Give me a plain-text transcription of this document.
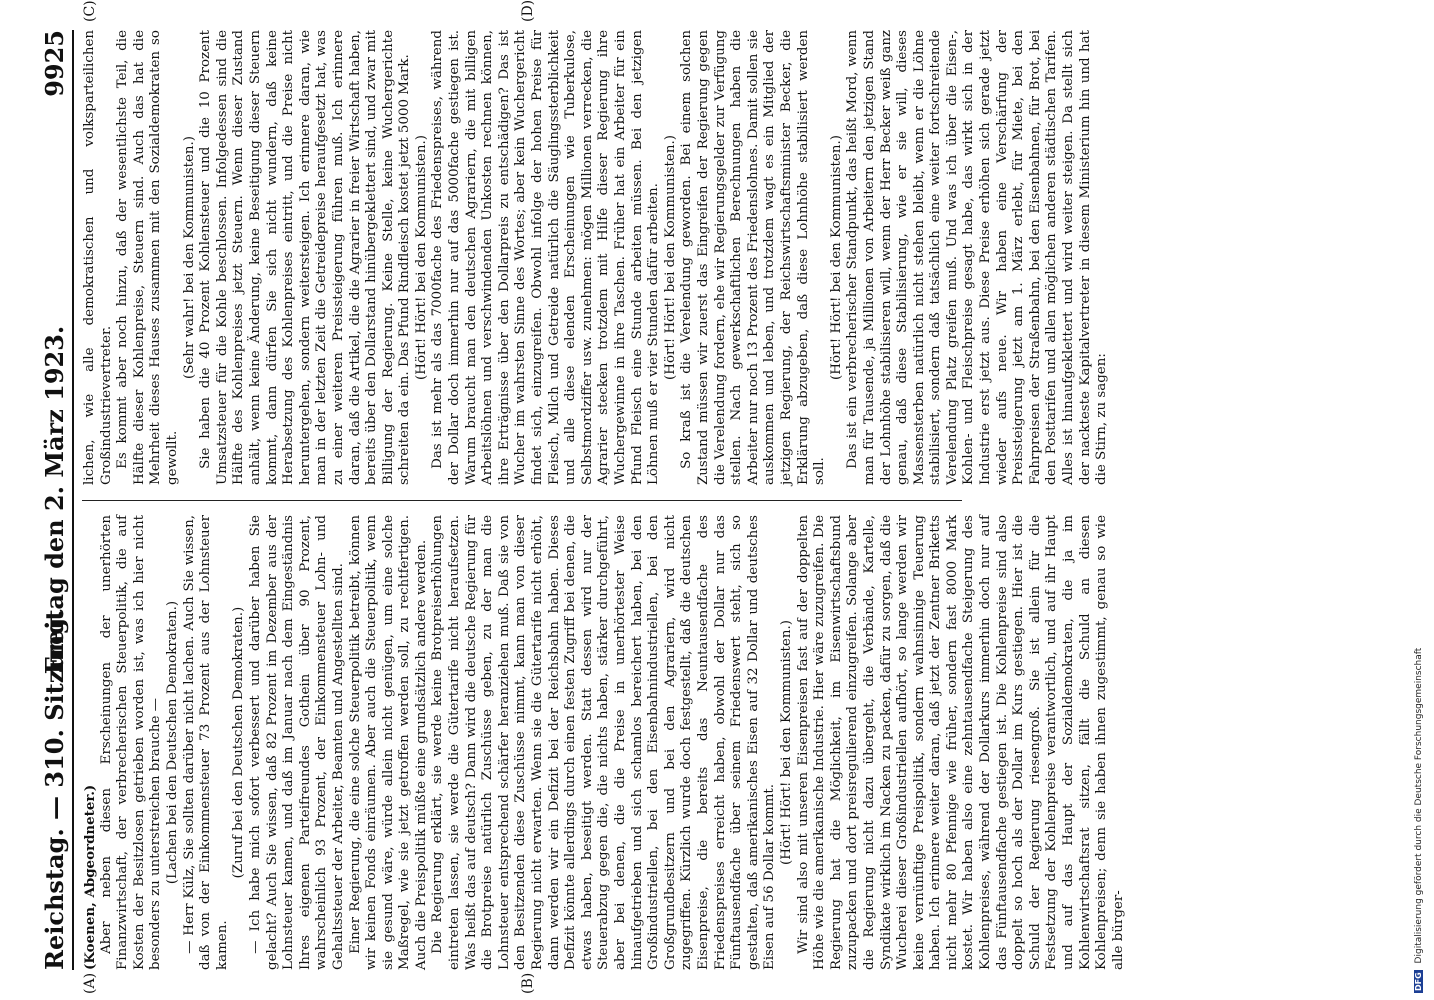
Reichstag. — 310. Sitzung.
Freitag den 2. März 1923.
9925
(A)	(B)
(C)	(D)

(Koenen, Abgeordneter.) Aber neben diesen Erscheinungen der unerhörten Finanzwirtschaft, der verbrecherischen Steuerpolitik, die auf Kosten der Besitzlosen getrieben worden ist, was ich hier nicht besonders zu unterstreichen brauche — (Lachen bei den Deutschen Demokraten.) — Herr Külz, Sie sollten darüber nicht lachen. Auch Sie wissen, daß von der Einkommensteuer 73 Prozent aus der Lohnsteuer kamen.

(Zuruf bei den Deutschen Demokraten.) — Ich habe mich sofort verbessert und darüber haben Sie gelacht? Auch Sie wissen, daß 82 Prozent im Dezember aus der Lohnsteuer kamen, und daß im Januar nach dem Eingeständnis Ihres eigenen Parteifreundes Gothein über 90 Prozent, wahrscheinlich 93 Prozent, der Einkommensteuer Lohn- und Gehaltssteuer der Arbeiter, Beamten und Angestellten sind. Einer Regierung, die eine solche Steuerpolitik betreibt, können wir keinen Fonds einräumen. Aber auch die Steuerpolitik, wenn sie gesund wäre, würde allein nicht genügen, um eine solche Maßregel, wie sie jetzt getroffen werden soll, zu rechtfertigen. Auch die Preispolitik müßte eine grundsätzlich andere werden. Die Regierung erklärt, sie werde keine Brotpreiserhöhungen eintreten lassen, sie werde die Gütertarife nicht heraufsetzen. Was heißt das auf deutsch? Dann wird die deutsche Regierung für die Brotpreise natürlich Zuschüsse geben, zu der man die Lohnsteuer entsprechend schärfer heranziehen muß. Daß sie von den Besitzenden diese Zuschüsse nimmt, kann man von dieser Regierung nicht erwarten. Wenn sie die Gütertarife nicht erhöht, dann werden wir ein Defizit bei der Reichsbahn haben. Dieses Defizit könnte allerdings durch einen festen Zugriff bei denen, die etwas haben, beseitigt werden. Statt dessen wird nur der Steuerabzug gegen die, die nichts haben, stärker durchgeführt, aber bei denen, die die Preise in unerhörtester Weise hinaufgetrieben und sich schamlos bereichert haben, bei den Großindustriellen, bei den Eisenbahnindustriellen, bei den Großgrundbesitzern und bei den Agrariern, wird nicht zugegriffen. Kürzlich wurde doch festgestellt, daß die deutschen Eisenpreise, die bereits das Neuntausendfache des Friedenspreises erreicht haben, obwohl der Dollar nur das Fünftausendfache über seinem Friedenswert steht, sich so gestalten, daß amerikanisches Eisen auf 32 Dollar und deutsches Eisen auf 56 Dollar kommt.

(Hört! Hört! bei den Kommunisten.) Wir sind also mit unseren Eisenpreisen fast auf der doppelten Höhe wie die amerikanische Industrie. Hier wäre zuzugreifen. Die Regierung hat die Möglichkeit, im Eisenwirtschaftsbund zuzupacken und dort preisregulierend einzugreifen. Solange aber die Regierung nicht dazu übergeht, die Verbände, Kartelle, Syndikate wirklich im Nacken zu packen, dafür zu sorgen, daß die Wucherei dieser Großindustriellen aufhört, so lange werden wir keine vernünftige Preispolitik, sondern wahnsinnige Teuerung haben. Ich erinnere weiter daran, daß jetzt der Zentner Briketts nicht mehr 80 Pfennige wie früher, sondern fast 8000 Mark kostet. Wir haben also eine zehntausendfache Steigerung des Kohlenpreises, während der Dollarkurs immerhin doch nur auf das Fünftausendfache gestiegen ist. Die Kohlenpreise sind also doppelt so hoch als der Dollar im Kurs gestiegen. Hier ist die Schuld der Regierung riesengroß. Sie ist allein für die Festsetzung der Kohlenpreise verantwortlich, und auf ihr Haupt und auf das Haupt der Sozialdemokraten, die ja im Kohlenwirtschaftsrat sitzen, fällt die Schuld an diesen Kohlenpreisen; denn sie haben ihnen zugestimmt, genau so wie alle bürger-

lichen, wie alle demokratischen und volksparteilichen Großindustrievertreter. Es kommt aber noch hinzu, daß der wesentlichste Teil, die Hälfte dieser Kohlenpreise, Steuern sind. Auch das hat die Mehrheit dieses Hauses zusammen mit den Sozialdemokraten so gewollt.

(Sehr wahr! bei den Kommunisten.) Sie haben die 40 Prozent Kohlensteuer und die 10 Prozent Umsatzsteuer für die Kohle beschlossen. Infolgedessen sind die Hälfte des Kohlenpreises jetzt Steuern. Wenn dieser Zustand anhält, wenn keine Änderung, keine Beseitigung dieser Steuern kommt, dann dürfen Sie sich nicht wundern, daß keine Herabsetzung des Kohlenpreises eintritt, und die Preise nicht heruntergehen, sondern weitersteigen. Ich erinnere daran, wie man in der letzten Zeit die Getreidepreise heraufgesetzt hat, was zu einer weiteren Preissteigerung führen muß. Ich erinnere daran, daß die Artikel, die die Agrarier in freier Wirtschaft haben, bereits über den Dollarstand hinübergeklettert sind, und zwar mit Billigung der Regierung. Keine Stelle, keine Wuchergerichte schreiten da ein. Das Pfund Rindfleisch kostet jetzt 5000 Mark. (Hört! Hört! bei den Kommunisten.) Das ist mehr als das 7000fache des Friedenspreises, während der Dollar doch immerhin nur auf das 5000fache gestiegen ist. Warum braucht man den deutschen Agrariern, die mit billigen Arbeitslöhnen und verschwindenden Unkosten rechnen können, ihre Erträgnisse über den Dollarpreis zu entschädigen? Das ist Wucher im wahrsten Sinne des Wortes; aber kein Wuchergericht findet sich, einzugreifen. Obwohl infolge der hohen Preise für Fleisch, Milch und Getreide natürlich die Säuglingssterblichkeit und alle diese elenden Erscheinungen wie Tuberkulose, Selbstmordziffer usw. zunehmen: mögen Millionen verrecken, die Agrarier stecken trotzdem mit Hilfe dieser Regierung ihre Wuchergewinne in ihre Taschen. Früher hat ein Arbeiter für ein Pfund Fleisch eine Stunde arbeiten müssen. Bei den jetzigen Löhnen muß er vier Stunden dafür arbeiten. (Hört! Hört! bei den Kommunisten.) So kraß ist die Verelendung geworden. Bei einem solchen Zustand müssen wir zuerst das Eingreifen der Regierung gegen die Verelendung fordern, ehe wir Regierungsgelder zur Verfügung stellen. Nach gewerkschaftlichen Berechnungen haben die Arbeiter nur noch 13 Prozent des Friedenslohnes. Damit sollen sie auskommen und leben, und trotzdem wagt es ein Mitglied der jetzigen Regierung, der Reichswirtschaftsminister Becker, die Erklärung abzugeben, daß diese Lohnhöhe stabilisiert werden soll.

(Hört! Hört! bei den Kommunisten.) Das ist ein verbrecherischer Standpunkt, das heißt Mord, wenn man für Tausende, ja Millionen von Arbeitern den jetzigen Stand der Lohnhöhe stabilisieren will, wenn der Herr Becker weiß ganz genau, daß diese Stabilisierung, wie er sie will, dieses Massensterben natürlich nicht stehen bleibt, wenn er die Löhne stabilisiert, sondern daß tatsächlich eine weiter fortschreitende Verelendung Platz greifen muß. Und was ich über die Eisen-, Kohlen- und Fleischpreise gesagt habe, das wirkt sich in der Industrie erst jetzt aus. Diese Preise erhöhen sich gerade jetzt wieder aufs neue. Wir haben eine Verschärfung der Preissteigerung jetzt am 1. März erlebt, für Miete, bei den Fahrpreisen der Straßenbahn, bei den Eisenbahnen, für Brot, bei den Posttarifen und allen möglichen anderen städtischen Tarifen. Alles ist hinaufgeklettert und wird weiter steigen. Da stellt sich der nackteste Kapitalvertreter in diesem Ministerium hin und hat die Stirn, zu sagen:

DFG Digitalisierung gefördert durch die Deutsche Forschungsgemeinschaft
